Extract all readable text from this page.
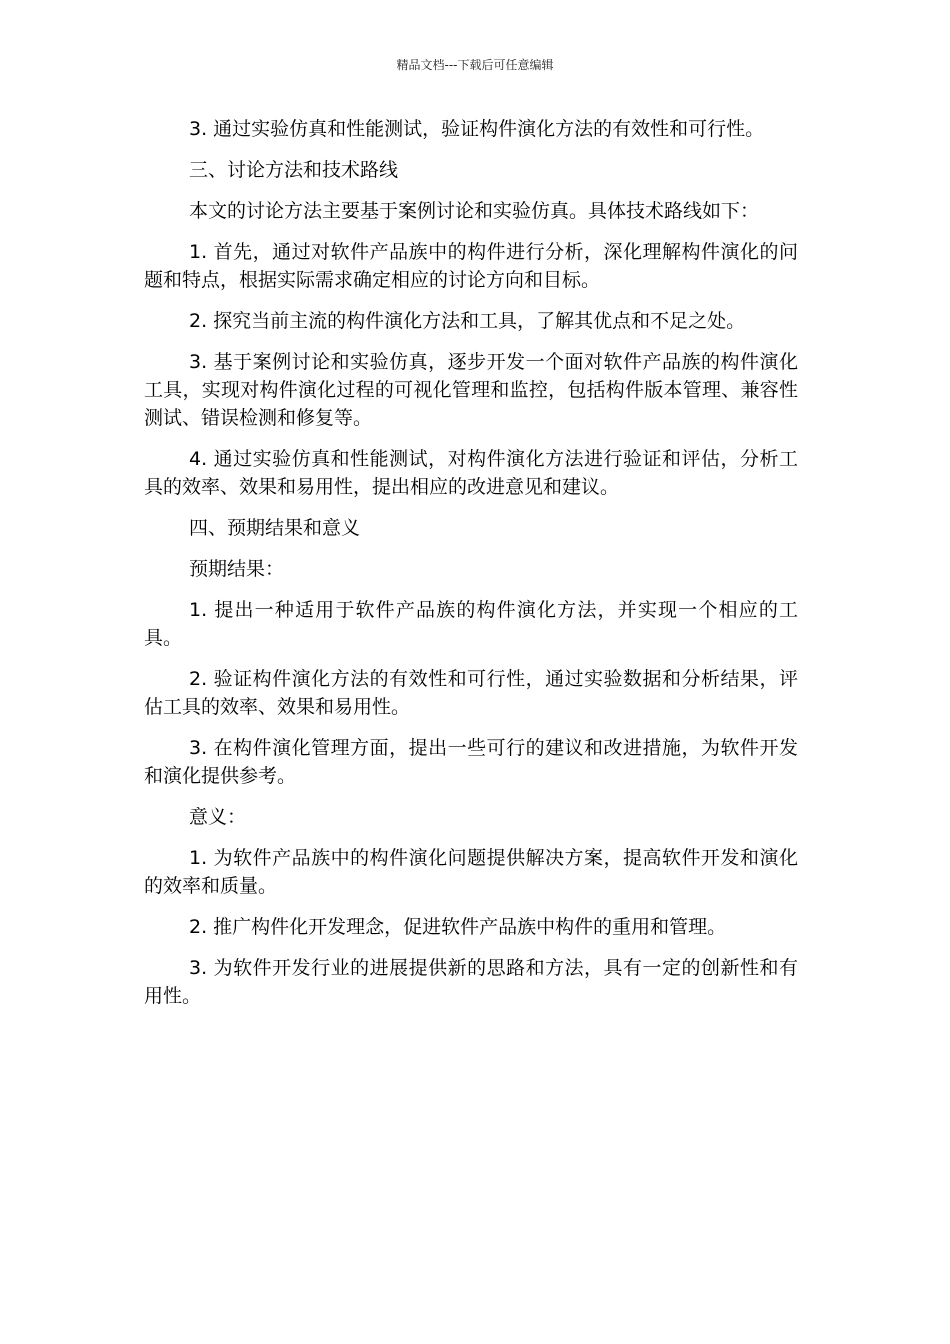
精品文档---下载后可任意编辑

3. 通过实验仿真和性能测试，验证构件演化方法的有效性和可行性。

三、讨论方法和技术路线

本文的讨论方法主要基于案例讨论和实验仿真。具体技术路线如下：

1. 首先，通过对软件产品族中的构件进行分析，深化理解构件演化的问题和特点，根据实际需求确定相应的讨论方向和目标。

2. 探究当前主流的构件演化方法和工具，了解其优点和不足之处。

3. 基于案例讨论和实验仿真，逐步开发一个面对软件产品族的构件演化工具，实现对构件演化过程的可视化管理和监控，包括构件版本管理、兼容性测试、错误检测和修复等。

4. 通过实验仿真和性能测试，对构件演化方法进行验证和评估，分析工具的效率、效果和易用性，提出相应的改进意见和建议。

四、预期结果和意义

预期结果：

1. 提出一种适用于软件产品族的构件演化方法，并实现一个相应的工具。

2. 验证构件演化方法的有效性和可行性，通过实验数据和分析结果，评估工具的效率、效果和易用性。

3. 在构件演化管理方面，提出一些可行的建议和改进措施，为软件开发和演化提供参考。

意义：

1. 为软件产品族中的构件演化问题提供解决方案，提高软件开发和演化的效率和质量。

2. 推广构件化开发理念，促进软件产品族中构件的重用和管理。

3. 为软件开发行业的进展提供新的思路和方法，具有一定的创新性和有用性。
